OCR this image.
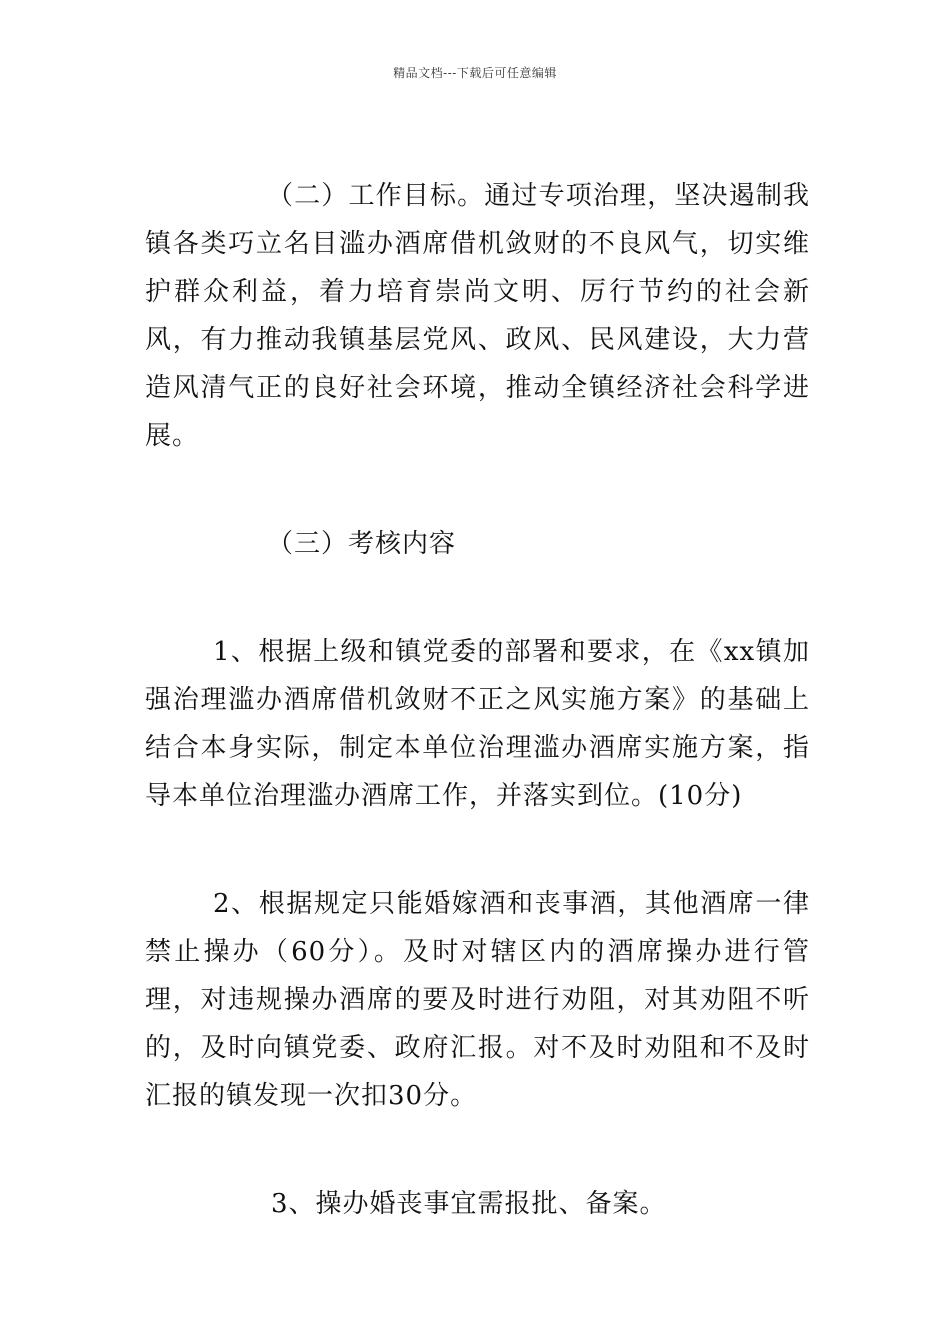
精品文档---下载后可任意编辑

（二）工作目标。通过专项治理，坚决遏制我镇各类巧立名目滥办酒席借机敛财的不良风气，切实维护群众利益，着力培育崇尚文明、厉行节约的社会新风，有力推动我镇基层党风、政风、民风建设，大力营造风清气正的良好社会环境，推动全镇经济社会科学进展。

（三）考核内容

1、根据上级和镇党委的部署和要求，在《xx镇加强治理滥办酒席借机敛财不正之风实施方案》的基础上结合本身实际，制定本单位治理滥办酒席实施方案，指导本单位治理滥办酒席工作，并落实到位。(10分)

2、根据规定只能婚嫁酒和丧事酒，其他酒席一律禁止操办（60分）。及时对辖区内的酒席操办进行管理，对违规操办酒席的要及时进行劝阻，对其劝阻不听的，及时向镇党委、政府汇报。对不及时劝阻和不及时汇报的镇发现一次扣30分。

3、操办婚丧事宜需报批、备案。
